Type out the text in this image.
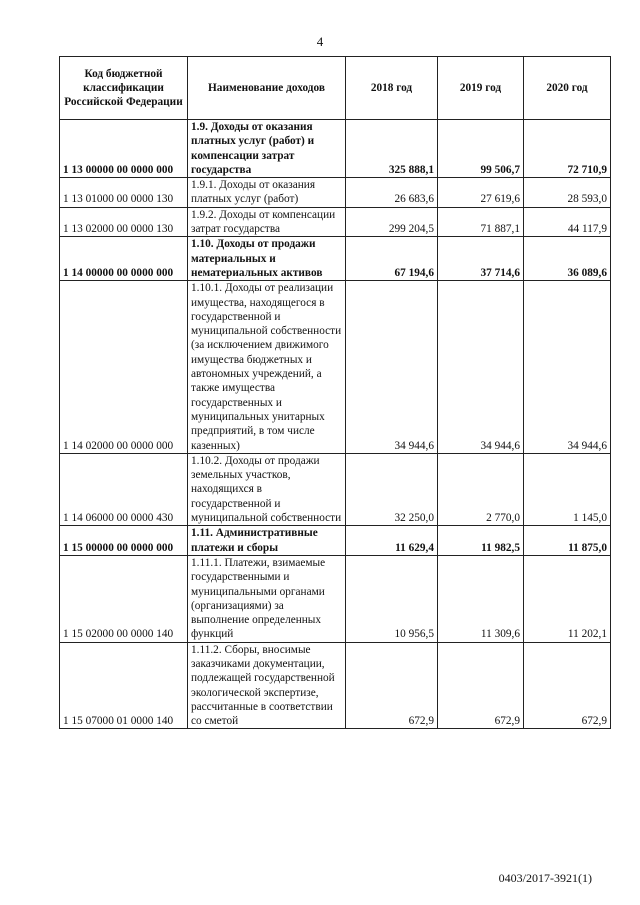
4
Код бюджетной классификации Российской Федерации	Наименование доходов	2018 год	2019 год	2020 год
1 13 00000 00 0000 000	1.9. Доходы от оказания платных услуг (работ) и компенсации затрат государства	325 888,1	99 506,7	72 710,9
1 13 01000 00 0000 130	1.9.1. Доходы от оказания платных услуг (работ)	26 683,6	27 619,6	28 593,0
1 13 02000 00 0000 130	1.9.2. Доходы от компенсации затрат государства	299 204,5	71 887,1	44 117,9
1 14 00000 00 0000 000	1.10. Доходы от продажи материальных и нематериальных активов	67 194,6	37 714,6	36 089,6
1 14 02000 00 0000 000	1.10.1. Доходы от реализации имущества, находящегося в государственной и муниципальной собственности (за исключением движимого имущества бюджетных и автономных учреждений, а также имущества государственных и муниципальных унитарных предприятий, в том числе казенных)	34 944,6	34 944,6	34 944,6
1 14 06000 00 0000 430	1.10.2. Доходы от продажи земельных участков, находящихся в государственной и муниципальной собственности	32 250,0	2 770,0	1 145,0
1 15 00000 00 0000 000	1.11. Административные платежи и сборы	11 629,4	11 982,5	11 875,0
1 15 02000 00 0000 140	1.11.1. Платежи, взимаемые государственными и муниципальными органами (организациями) за выполнение определенных функций	10 956,5	11 309,6	11 202,1
1 15 07000 01 0000 140	1.11.2. Сборы, вносимые заказчиками документации, подлежащей государственной экологической экспертизе, рассчитанные в соответствии со сметой	672,9	672,9	672,9
0403/2017-3921(1)
